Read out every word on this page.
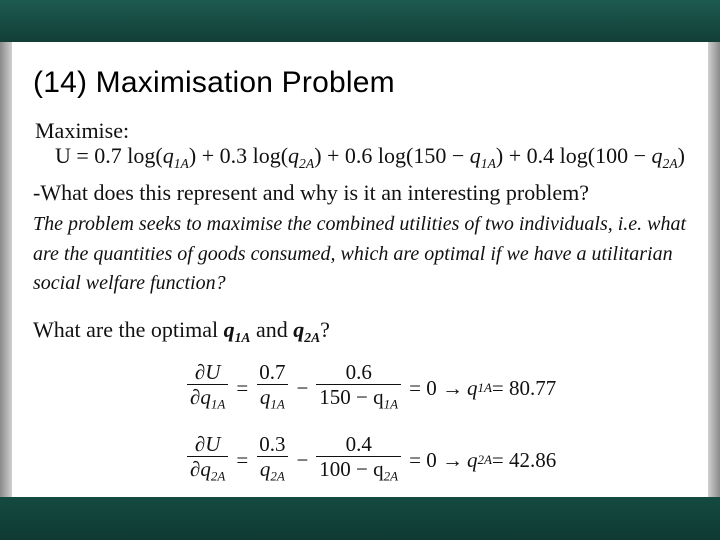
(14) Maximisation Problem
Maximise:
U = 0.7 $\log(q_{1A}) + 0.3$ $\log(q_{2A}) + 0.6$ $\log(150 - q_{1A}) + 0.4$ $\log(100 - q_{2A})$
-What does this represent and why is it an interesting problem?
The problem seeks to maximise the combined utilities of two individuals, i.e. what
are the quantities of goods consumed, which are optimal if we have a utilitarian
social welfare function?
What are the optimal $q_{1A}$ and $q_{2A}$?
$\frac{\partial U}{\partial q_{1A}} = \frac{0.7}{q_{1A}} - \frac{0.6}{150 - q_{1A}} = 0 \to q$ 1A = 80.77
$\frac{\partial U}{\partial q_{2A}} = \frac{0.3}{q_{2A}} - \frac{0.4}{100 - q_{2A}} = 0 \to q$ 2A = 42.86
